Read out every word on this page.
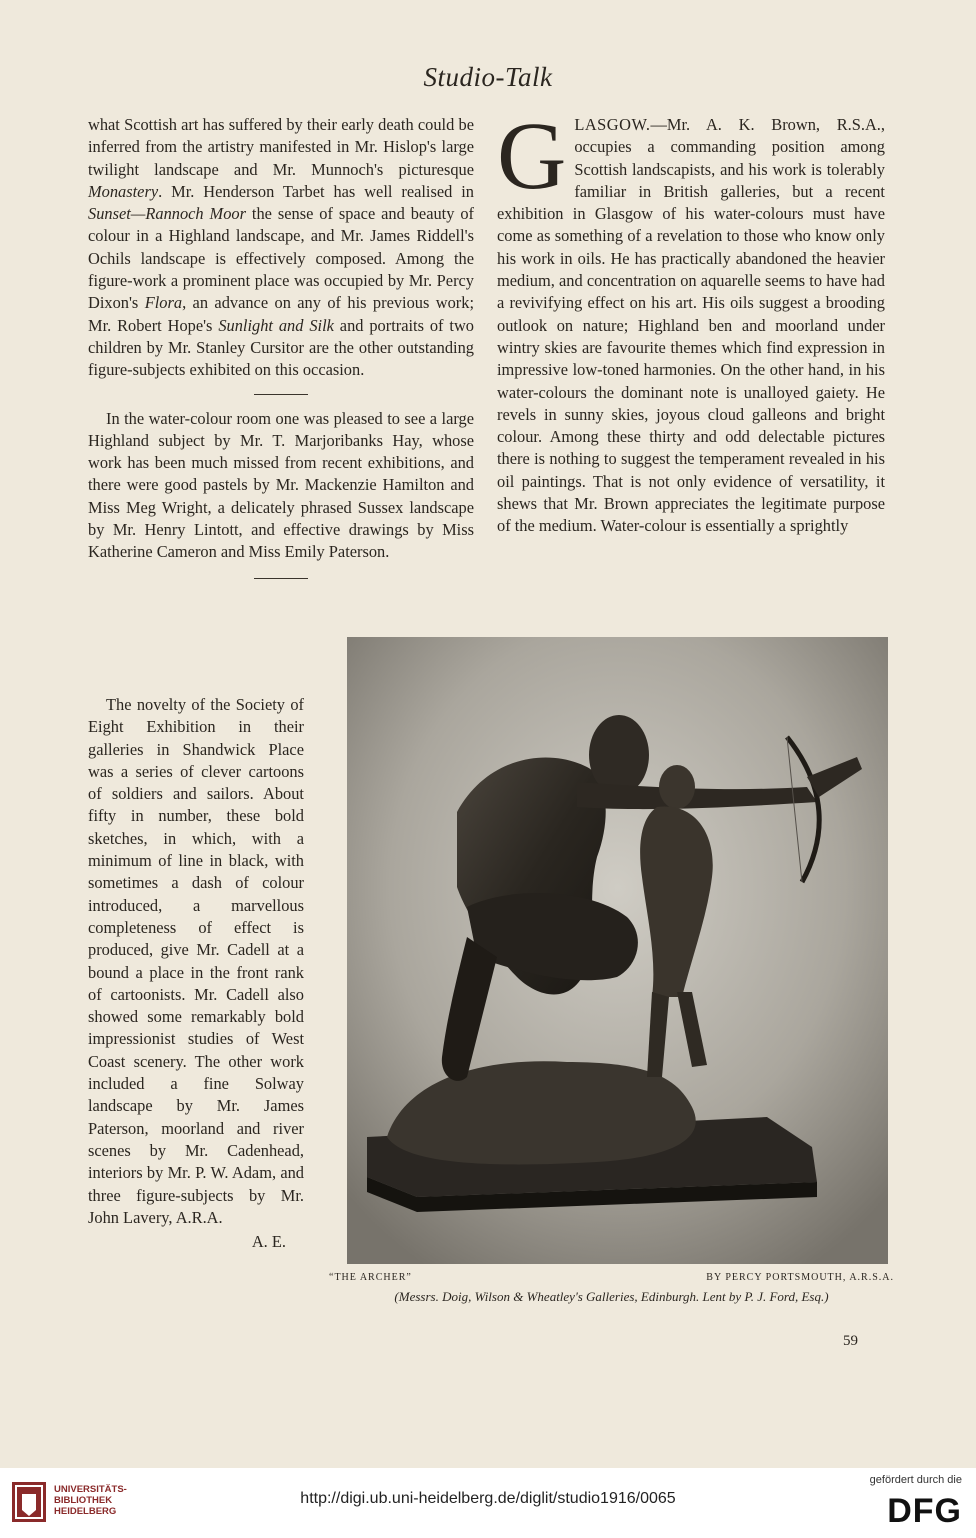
Studio-Talk

what Scottish art has suffered by their early death could be inferred from the artistry manifested in Mr. Hislop's large twilight landscape and Mr. Munnoch's picturesque Monastery. Mr. Henderson Tarbet has well realised in Sunset—Rannoch Moor the sense of space and beauty of colour in a Highland landscape, and Mr. James Riddell's Ochils landscape is effectively composed. Among the figure-work a prominent place was occupied by Mr. Percy Dixon's Flora, an advance on any of his previous work; Mr. Robert Hope's Sunlight and Silk and portraits of two children by Mr. Stanley Cursitor are the other outstanding figure-subjects exhibited on this occasion.

In the water-colour room one was pleased to see a large Highland subject by Mr. T. Marjoribanks Hay, whose work has been much missed from recent exhibitions, and there were good pastels by Mr. Mackenzie Hamilton and Miss Meg Wright, a delicately phrased Sussex landscape by Mr. Henry Lintott, and effective drawings by Miss Katherine Cameron and Miss Emily Paterson.

The novelty of the Society of Eight Exhibition in their galleries in Shandwick Place was a series of clever cartoons of soldiers and sailors. About fifty in number, these bold sketches, in which, with a minimum of line in black, with sometimes a dash of colour introduced, a marvellous completeness of effect is produced, give Mr. Cadell at a bound a place in the front rank of cartoonists. Mr. Cadell also showed some remarkably bold impressionist studies of West Coast scenery. The other work included a fine Solway landscape by Mr. James Paterson, moorland and river scenes by Mr. Cadenhead, interiors by Mr. P. W. Adam, and three figure-subjects by Mr. John Lavery, A.R.A.

A. E.

GLASGOW.—Mr. A. K. Brown, R.S.A., occupies a commanding position among Scottish landscapists, and his work is tolerably familiar in British galleries, but a recent exhibition in Glasgow of his water-colours must have come as something of a revelation to those who know only his work in oils. He has practically abandoned the heavier medium, and concentration on aquarelle seems to have had a revivifying effect on his art. His oils suggest a brooding outlook on nature; Highland ben and moorland under wintry skies are favourite themes which find expression in impressive low-toned harmonies. On the other hand, in his water-colours the dominant note is unalloyed gaiety. He revels in sunny skies, joyous cloud galleons and bright colour. Among these thirty and odd delectable pictures there is nothing to suggest the temperament revealed in his oil paintings. That is not only evidence of versatility, it shews that Mr. Brown appreciates the legitimate purpose of the medium. Water-colour is essentially a sprightly

“THE ARCHER”	BY PERCY PORTSMOUTH, A.R.S.A.
(Messrs. Doig, Wilson & Wheatley's Galleries, Edinburgh. Lent by P. J. Ford, Esq.)
59
UNIVERSITÄTS-
BIBLIOTHEK
HEIDELBERG
http://digi.ub.uni-heidelberg.de/diglit/studio1916/0065
gefördert durch die
DFG
